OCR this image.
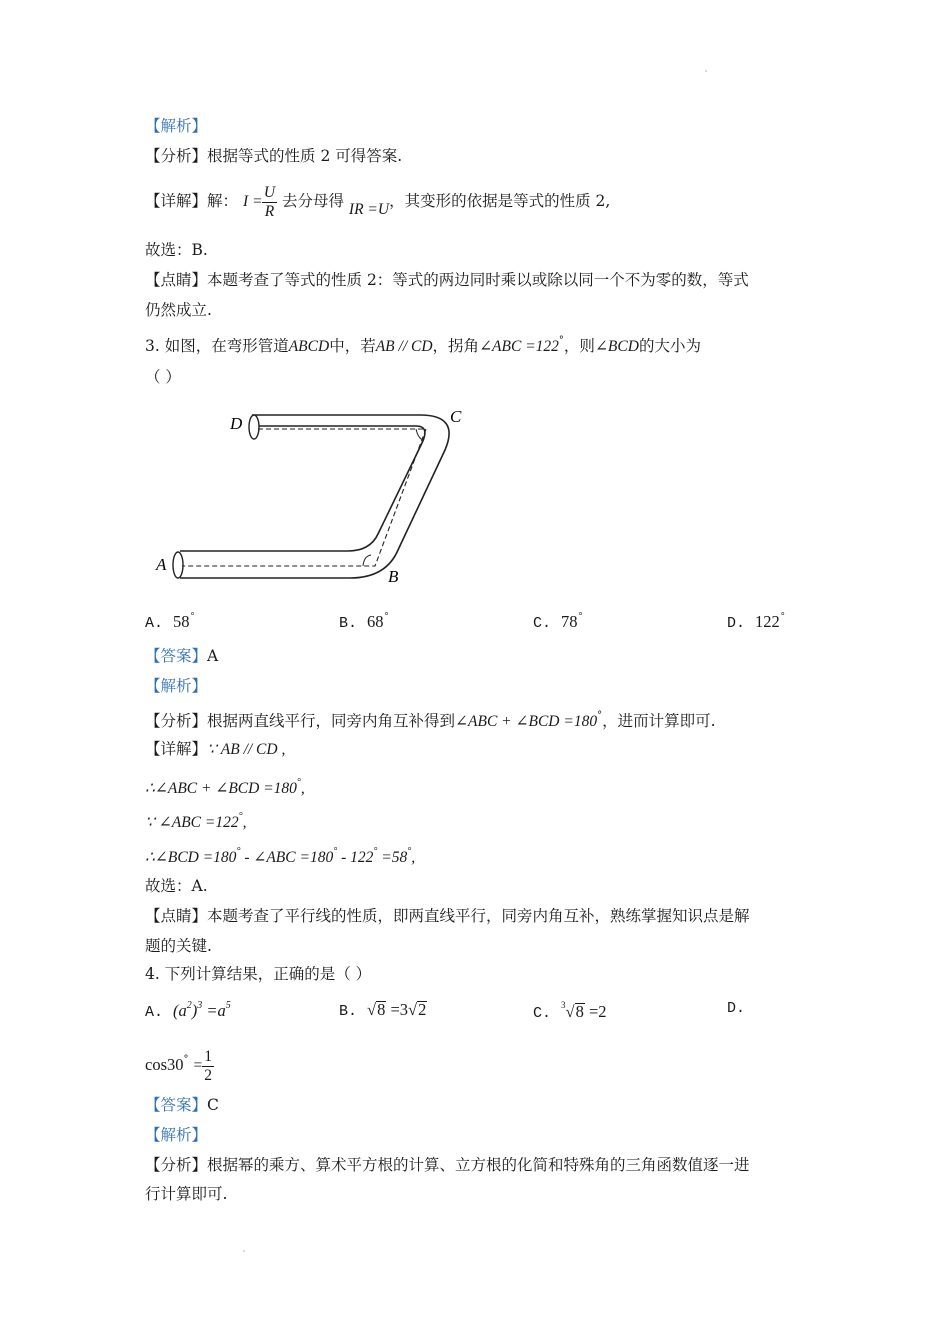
【解析】
【分析】根据等式的性质 2 可得答案.
【详解】解： $I = \frac{U}{R}$ 去分母得 IR =U，其变形的依据是等式的性质 2,
故选：B.
【点睛】本题考查了等式的性质 2：等式的两边同时乘以或除以同一个不为零的数，等式
仍然成立.
3. 如图，在弯形管道ABCD中，若AB // CD，拐角∠ABC =122°，则∠BCD的大小为
（ ）
D	C
A
B
A. 58°	B. 68°	C. 78°	D. 122°
【答案】A
【解析】
【分析】根据两直线平行，同旁内角互补得到∠ABC + ∠BCD =180°，进而计算即可.
【详解】∵ AB // CD ,
∴∠ABC + ∠BCD =180°,
∵ ∠ABC =122°,
∴∠BCD =180° - ∠ABC =180° - 122° =58°,
故选：A.
【点睛】本题考查了平行线的性质，即两直线平行，同旁内角互补，熟练掌握知识点是解
题的关键.
4. 下列计算结果，正确的是（ ）
A. $(a^2)^3 =a^5$	B. √8 =3√2	C. $^3$√8 =2	D.
$\cos 30^\circ = \frac{1}{2}$
【答案】C
【解析】
【分析】根据幂的乘方、算术平方根的计算、立方根的化简和特殊角的三角函数值逐一进
行计算即可.
